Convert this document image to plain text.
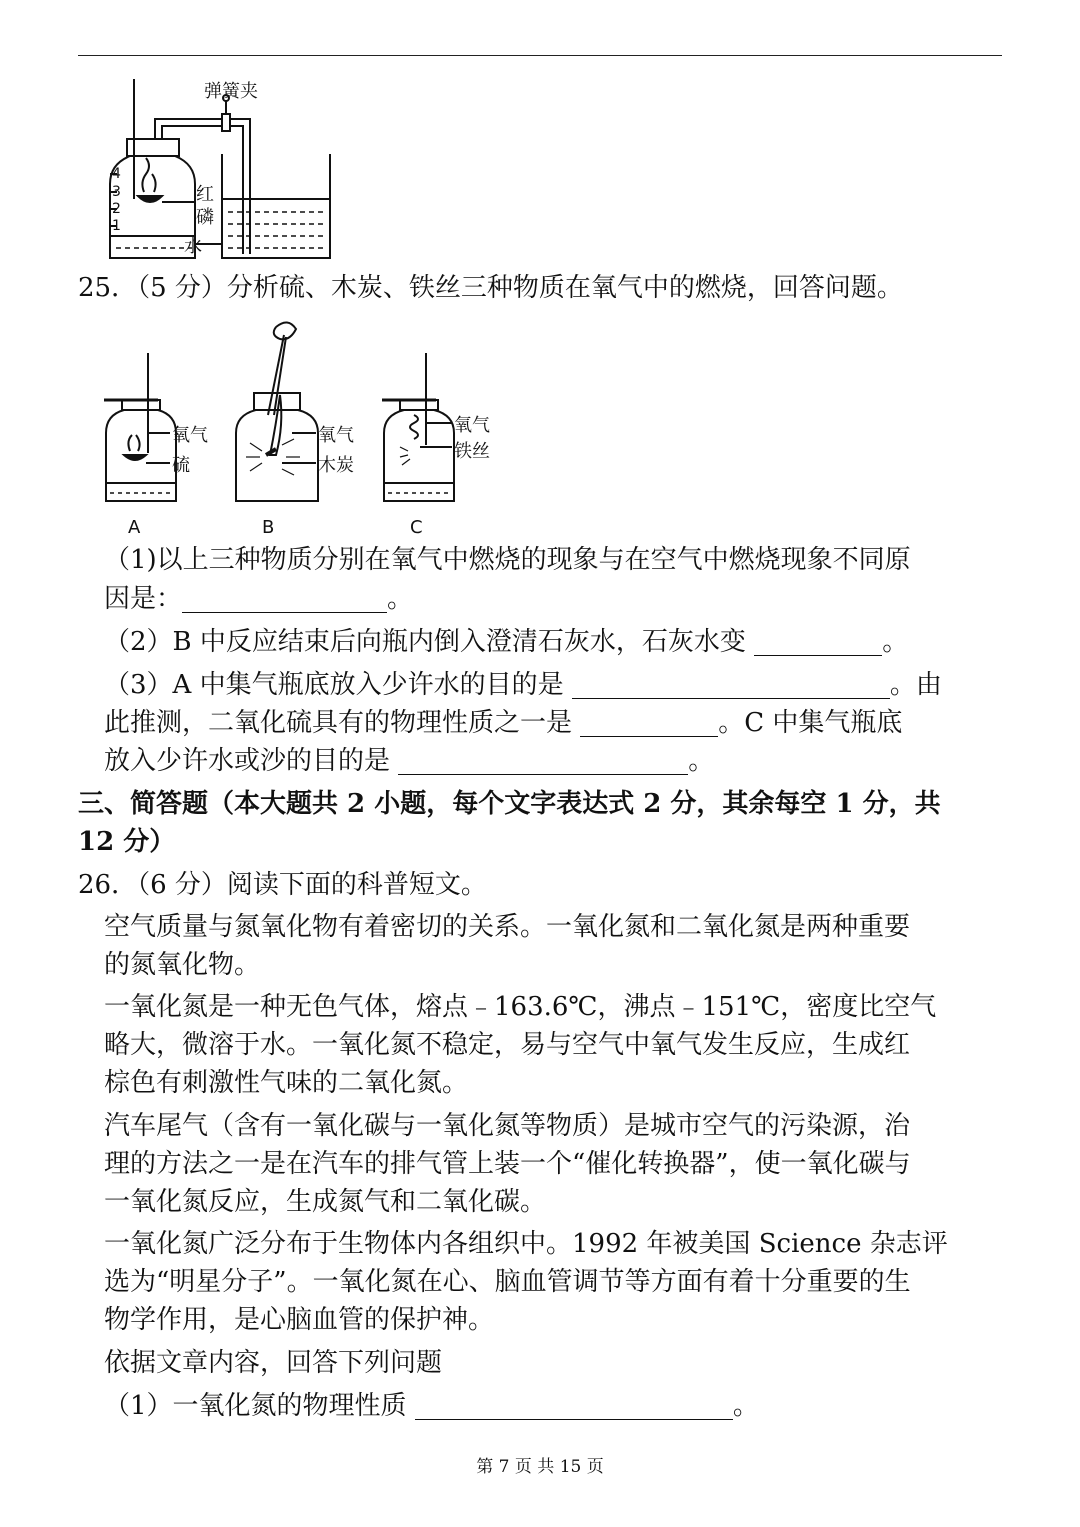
弹簧夹
红
磷
水
4
3
2
1
25．（5 分）分析硫、木炭、铁丝三种物质在氧气中的燃烧，回答问题。
氧气
硫
氧气
木炭
氧气
铁丝
A	B	C
（1)以上三种物质分别在氧气中燃烧的现象与在空气中燃烧现象不同原
因是：	。
（2）B 中反应结束后向瓶内倒入澄清石灰水，石灰水变	。
（3）A 中集气瓶底放入少许水的目的是	。由
此推测，二氧化硫具有的物理性质之一是	。C 中集气瓶底
放入少许水或沙的目的是	。
三、简答题（本大题共 2 小题，每个文字表达式 2 分，其余每空 1 分，共
12 分）
26．（6 分）阅读下面的科普短文。
空气质量与氮氧化物有着密切的关系。一氧化氮和二氧化氮是两种重要
的氮氧化物。
一氧化氮是一种无色气体，熔点﹣163.6℃，沸点﹣151℃，密度比空气
略大，微溶于水。一氧化氮不稳定，易与空气中氧气发生反应，生成红
棕色有刺激性气味的二氧化氮。
汽车尾气（含有一氧化碳与一氧化氮等物质）是城市空气的污染源，治
理的方法之一是在汽车的排气管上装一个“催化转换器”，使一氧化碳与
一氧化氮反应，生成氮气和二氧化碳。
一氧化氮广泛分布于生物体内各组织中。1992 年被美国 Science 杂志评
选为“明星分子”。一氧化氮在心、脑血管调节等方面有着十分重要的生
物学作用，是心脑血管的保护神。
依据文章内容，回答下列问题
（1）一氧化氮的物理性质	。
第 7 页 共 15 页
